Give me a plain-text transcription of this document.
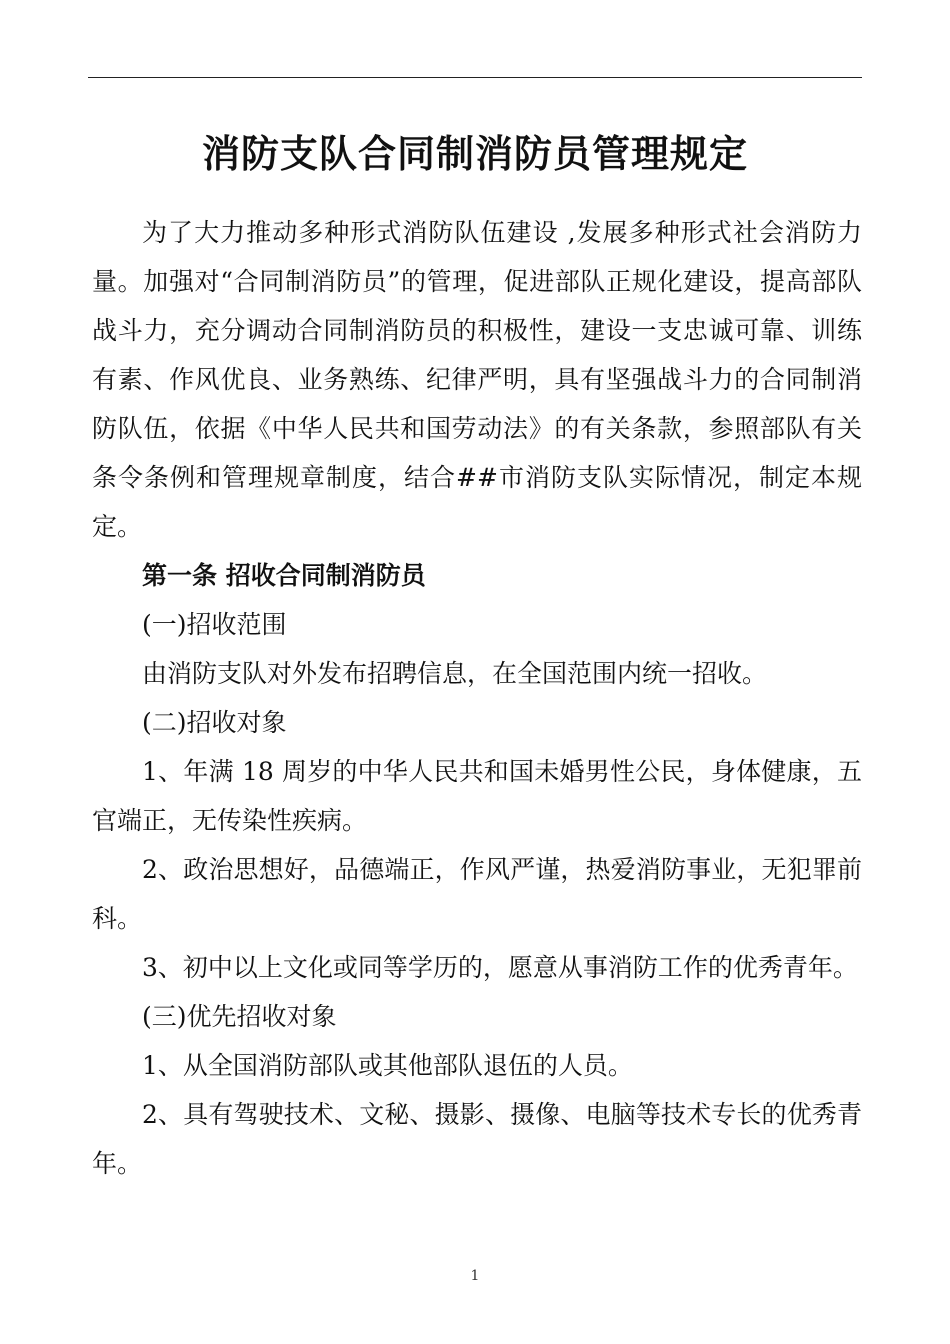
消防支队合同制消防员管理规定

为了大力推动多种形式消防队伍建设 ,发展多种形式社会消防力量。加强对“合同制消防员”的管理，促进部队正规化建设，提高部队战斗力，充分调动合同制消防员的积极性，建设一支忠诚可靠、训练有素、作风优良、业务熟练、纪律严明，具有坚强战斗力的合同制消防队伍，依据《中华人民共和国劳动法》的有关条款，参照部队有关条令条例和管理规章制度，结合##市消防支队实际情况，制定本规定。

第一条 招收合同制消防员

(一)招收范围

由消防支队对外发布招聘信息，在全国范围内统一招收。

(二)招收对象

1、年满 18 周岁的中华人民共和国未婚男性公民，身体健康，五官端正，无传染性疾病。

2、政治思想好，品德端正，作风严谨，热爱消防事业，无犯罪前科。

3、初中以上文化或同等学历的，愿意从事消防工作的优秀青年。

(三)优先招收对象

1、从全国消防部队或其他部队退伍的人员。

2、具有驾驶技术、文秘、摄影、摄像、电脑等技术专长的优秀青年。

1
